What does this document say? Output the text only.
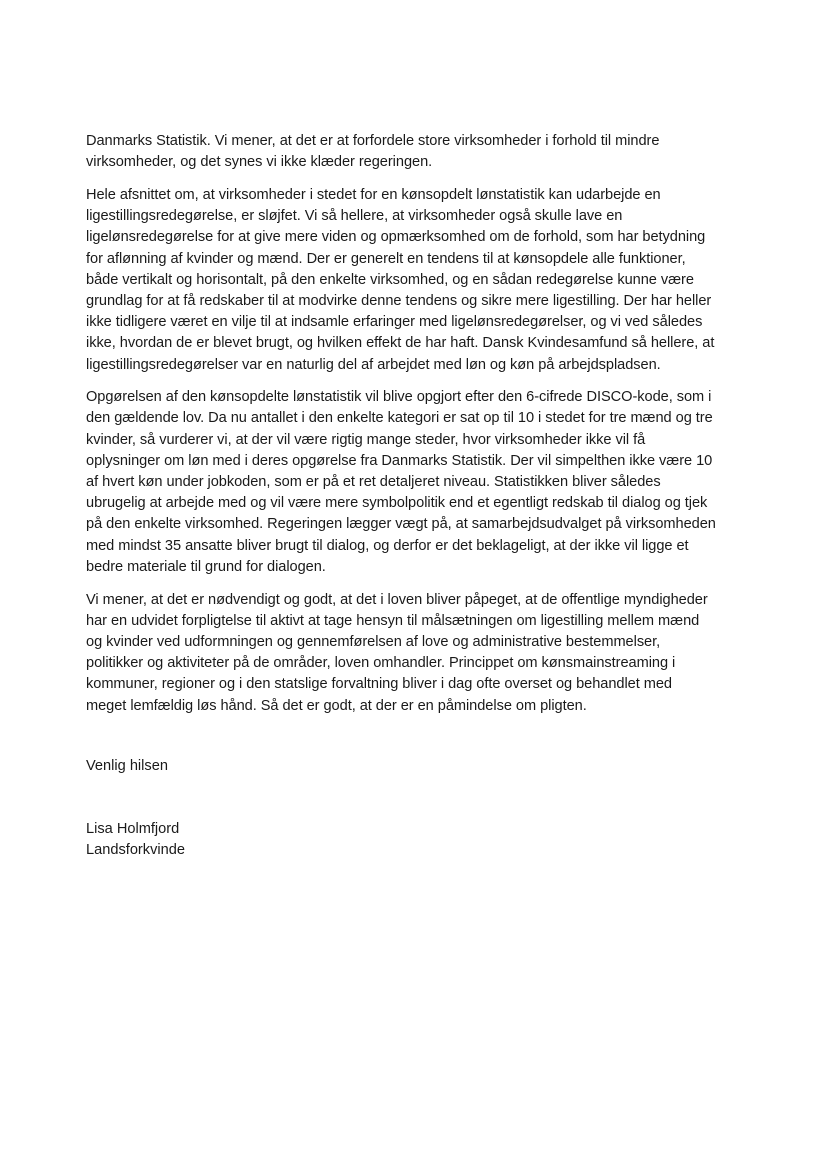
Danmarks Statistik. Vi mener, at det er at forfordele store virksomheder i forhold til mindre
virksomheder, og det synes vi ikke klæder regeringen.

Hele afsnittet om, at virksomheder i stedet for en kønsopdelt lønstatistik kan udarbejde en
ligestillingsredegørelse, er sløjfet. Vi så hellere, at virksomheder også skulle lave en
ligelønsredegørelse for at give mere viden og opmærksomhed om de forhold, som har betydning
for aflønning af kvinder og mænd. Der er generelt en tendens til at kønsopdele alle funktioner,
både vertikalt og horisontalt, på den enkelte virksomhed, og en sådan redegørelse kunne være
grundlag for at få redskaber til at modvirke denne tendens og sikre mere ligestilling. Der har heller
ikke tidligere været en vilje til at indsamle erfaringer med ligelønsredegørelser, og vi ved således
ikke, hvordan de er blevet brugt, og hvilken effekt de har haft. Dansk Kvindesamfund så hellere, at
ligestillingsredegørelser var en naturlig del af arbejdet med løn og køn på arbejdspladsen.

Opgørelsen af den kønsopdelte lønstatistik vil blive opgjort efter den 6-cifrede DISCO-kode, som i
den gældende lov. Da nu antallet i den enkelte kategori er sat op til 10 i stedet for tre mænd og tre
kvinder, så vurderer vi, at der vil være rigtig mange steder, hvor virksomheder ikke vil få
oplysninger om løn med i deres opgørelse fra Danmarks Statistik. Der vil simpelthen ikke være 10
af hvert køn under jobkoden, som er på et ret detaljeret niveau. Statistikken bliver således
ubrugelig at arbejde med og vil være mere symbolpolitik end et egentligt redskab til dialog og tjek
på den enkelte virksomhed. Regeringen lægger vægt på, at samarbejdsudvalget på virksomheden
med mindst 35 ansatte bliver brugt til dialog, og derfor er det beklageligt, at der ikke vil ligge et
bedre materiale til grund for dialogen.

Vi mener, at det er nødvendigt og godt, at det i loven bliver påpeget, at de offentlige myndigheder
har en udvidet forpligtelse til aktivt at tage hensyn til målsætningen om ligestilling mellem mænd
og kvinder ved udformningen og gennemførelsen af love og administrative bestemmelser,
politikker og aktiviteter på de områder, loven omhandler. Princippet om kønsmainstreaming i
kommuner, regioner og i den statslige forvaltning bliver i dag ofte overset og behandlet med
meget lemfældig løs hånd. Så det er godt, at der er en påmindelse om pligten.

Venlig hilsen
Lisa Holmfjord
Landsforkvinde
